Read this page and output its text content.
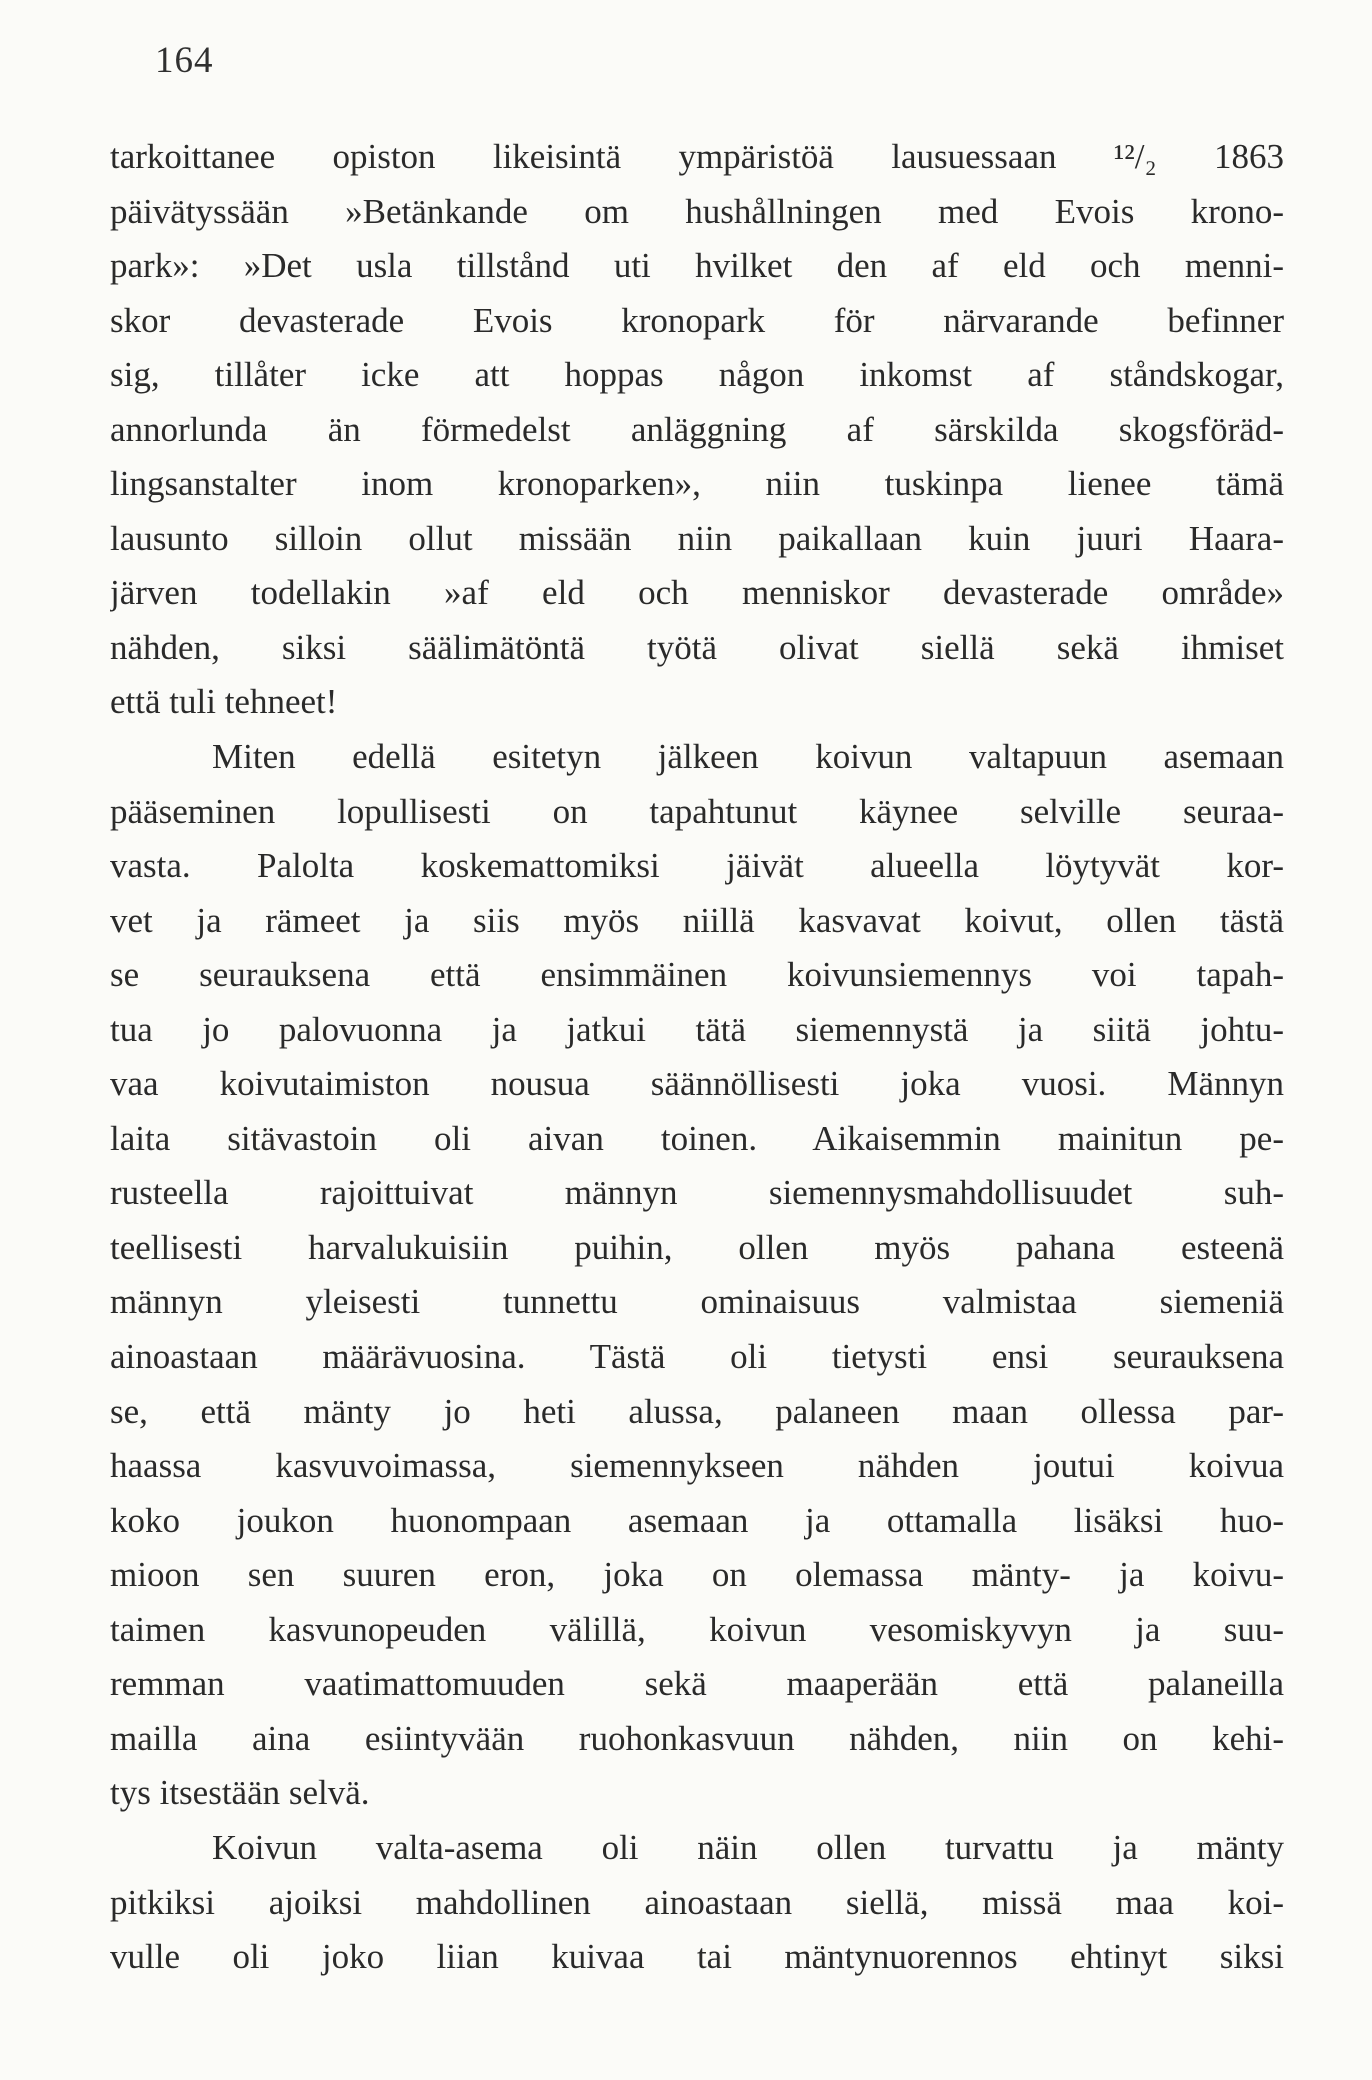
164
tarkoittanee opiston likeisintä ympäristöä lausuessaan ¹²/₂ 1863
päivätyssään »Betänkande om hushållningen med Evois krono-
park»: »Det usla tillstånd uti hvilket den af eld och menni-
skor devasterade Evois kronopark för närvarande befinner
sig, tillåter icke att hoppas någon inkomst af ståndskogar,
annorlunda än förmedelst anläggning af särskilda skogsföräd-
lingsanstalter inom kronoparken», niin tuskinpa lienee tämä
lausunto silloin ollut missään niin paikallaan kuin juuri Haara-
järven todellakin »af eld och menniskor devasterade område»
nähden, siksi säälimätöntä työtä olivat siellä sekä ihmiset
että tuli tehneet!
Miten edellä esitetyn jälkeen koivun valtapuun asemaan
pääseminen lopullisesti on tapahtunut käynee selville seuraa-
vasta. Palolta koskemattomiksi jäivät alueella löytyvät kor-
vet ja rämeet ja siis myös niillä kasvavat koivut, ollen tästä
se seurauksena että ensimmäinen koivunsiemennys voi tapah-
tua jo palovuonna ja jatkui tätä siemennystä ja siitä johtu-
vaa koivutaimiston nousua säännöllisesti joka vuosi. Männyn
laita sitävastoin oli aivan toinen. Aikaisemmin mainitun pe-
rusteella rajoittuivat männyn siemennysmahdollisuudet suh-
teellisesti harvalukuisiin puihin, ollen myös pahana esteenä
männyn yleisesti tunnettu ominaisuus valmistaa siemeniä
ainoastaan määrävuosina. Tästä oli tietysti ensi seurauksena
se, että mänty jo heti alussa, palaneen maan ollessa par-
haassa kasvuvoimassa, siemennykseen nähden joutui koivua
koko joukon huonompaan asemaan ja ottamalla lisäksi huo-
mioon sen suuren eron, joka on olemassa mänty- ja koivu-
taimen kasvunopeuden välillä, koivun vesomiskyvyn ja suu-
remman vaatimattomuuden sekä maaperään että palaneilla
mailla aina esiintyvään ruohonkasvuun nähden, niin on kehi-
tys itsestään selvä.
Koivun valta-asema oli näin ollen turvattu ja mänty
pitkiksi ajoiksi mahdollinen ainoastaan siellä, missä maa koi-
vulle oli joko liian kuivaa tai mäntynuorennos ehtinyt siksi
